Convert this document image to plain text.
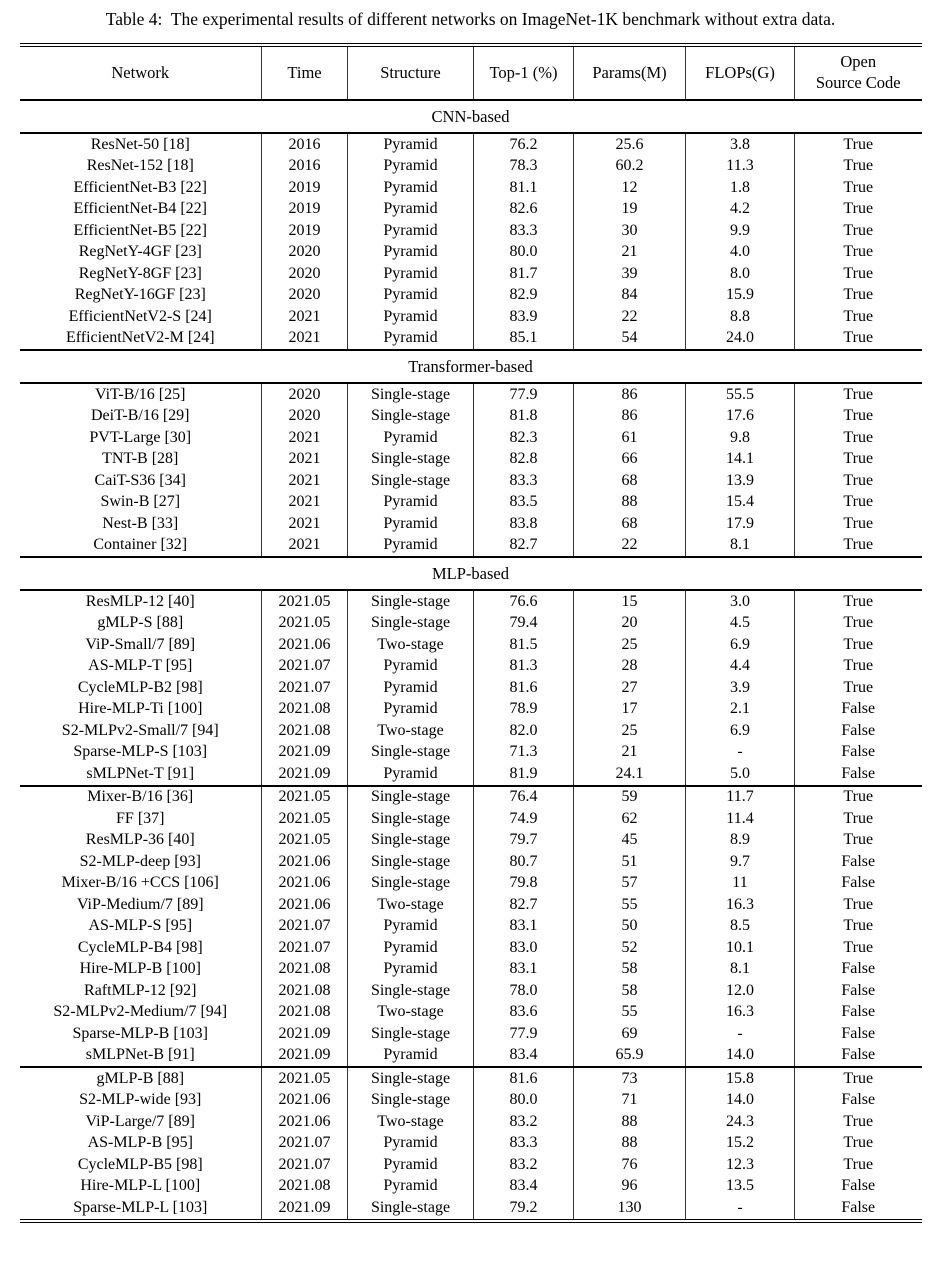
Table 4:  The experimental results of different networks on ImageNet-1K benchmark without extra data.
Network	Time	Structure	Top-1 (%)	Params(M)	FLOPs(G)	Open
Source Code
CNN-based						
ResNet-50 [18]	2016	Pyramid	76.2	25.6	3.8	True
ResNet-152 [18]	2016	Pyramid	78.3	60.2	11.3	True
EfficientNet-B3 [22]	2019	Pyramid	81.1	12	1.8	True
EfficientNet-B4 [22]	2019	Pyramid	82.6	19	4.2	True
EfficientNet-B5 [22]	2019	Pyramid	83.3	30	9.9	True
RegNetY-4GF [23]	2020	Pyramid	80.0	21	4.0	True
RegNetY-8GF [23]	2020	Pyramid	81.7	39	8.0	True
RegNetY-16GF [23]	2020	Pyramid	82.9	84	15.9	True
EfficientNetV2-S [24]	2021	Pyramid	83.9	22	8.8	True
EfficientNetV2-M [24]	2021	Pyramid	85.1	54	24.0	True
Transformer-based						
ViT-B/16 [25]	2020	Single-stage	77.9	86	55.5	True
DeiT-B/16 [29]	2020	Single-stage	81.8	86	17.6	True
PVT-Large [30]	2021	Pyramid	82.3	61	9.8	True
TNT-B [28]	2021	Single-stage	82.8	66	14.1	True
CaiT-S36 [34]	2021	Single-stage	83.3	68	13.9	True
Swin-B [27]	2021	Pyramid	83.5	88	15.4	True
Nest-B [33]	2021	Pyramid	83.8	68	17.9	True
Container [32]	2021	Pyramid	82.7	22	8.1	True
MLP-based						
ResMLP-12 [40]	2021.05	Single-stage	76.6	15	3.0	True
gMLP-S [88]	2021.05	Single-stage	79.4	20	4.5	True
ViP-Small/7 [89]	2021.06	Two-stage	81.5	25	6.9	True
AS-MLP-T [95]	2021.07	Pyramid	81.3	28	4.4	True
CycleMLP-B2 [98]	2021.07	Pyramid	81.6	27	3.9	True
Hire-MLP-Ti [100]	2021.08	Pyramid	78.9	17	2.1	False
S2-MLPv2-Small/7 [94]	2021.08	Two-stage	82.0	25	6.9	False
Sparse-MLP-S [103]	2021.09	Single-stage	71.3	21	-	False
sMLPNet-T [91]	2021.09	Pyramid	81.9	24.1	5.0	False
Mixer-B/16 [36]	2021.05	Single-stage	76.4	59	11.7	True
FF [37]	2021.05	Single-stage	74.9	62	11.4	True
ResMLP-36 [40]	2021.05	Single-stage	79.7	45	8.9	True
S2-MLP-deep [93]	2021.06	Single-stage	80.7	51	9.7	False
Mixer-B/16 +CCS [106]	2021.06	Single-stage	79.8	57	11	False
ViP-Medium/7 [89]	2021.06	Two-stage	82.7	55	16.3	True
AS-MLP-S [95]	2021.07	Pyramid	83.1	50	8.5	True
CycleMLP-B4 [98]	2021.07	Pyramid	83.0	52	10.1	True
Hire-MLP-B [100]	2021.08	Pyramid	83.1	58	8.1	False
RaftMLP-12 [92]	2021.08	Single-stage	78.0	58	12.0	False
S2-MLPv2-Medium/7 [94]	2021.08	Two-stage	83.6	55	16.3	False
Sparse-MLP-B [103]	2021.09	Single-stage	77.9	69	-	False
sMLPNet-B [91]	2021.09	Pyramid	83.4	65.9	14.0	False
gMLP-B [88]	2021.05	Single-stage	81.6	73	15.8	True
S2-MLP-wide [93]	2021.06	Single-stage	80.0	71	14.0	False
ViP-Large/7 [89]	2021.06	Two-stage	83.2	88	24.3	True
AS-MLP-B [95]	2021.07	Pyramid	83.3	88	15.2	True
CycleMLP-B5 [98]	2021.07	Pyramid	83.2	76	12.3	True
Hire-MLP-L [100]	2021.08	Pyramid	83.4	96	13.5	False
Sparse-MLP-L [103]	2021.09	Single-stage	79.2	130	-	False
